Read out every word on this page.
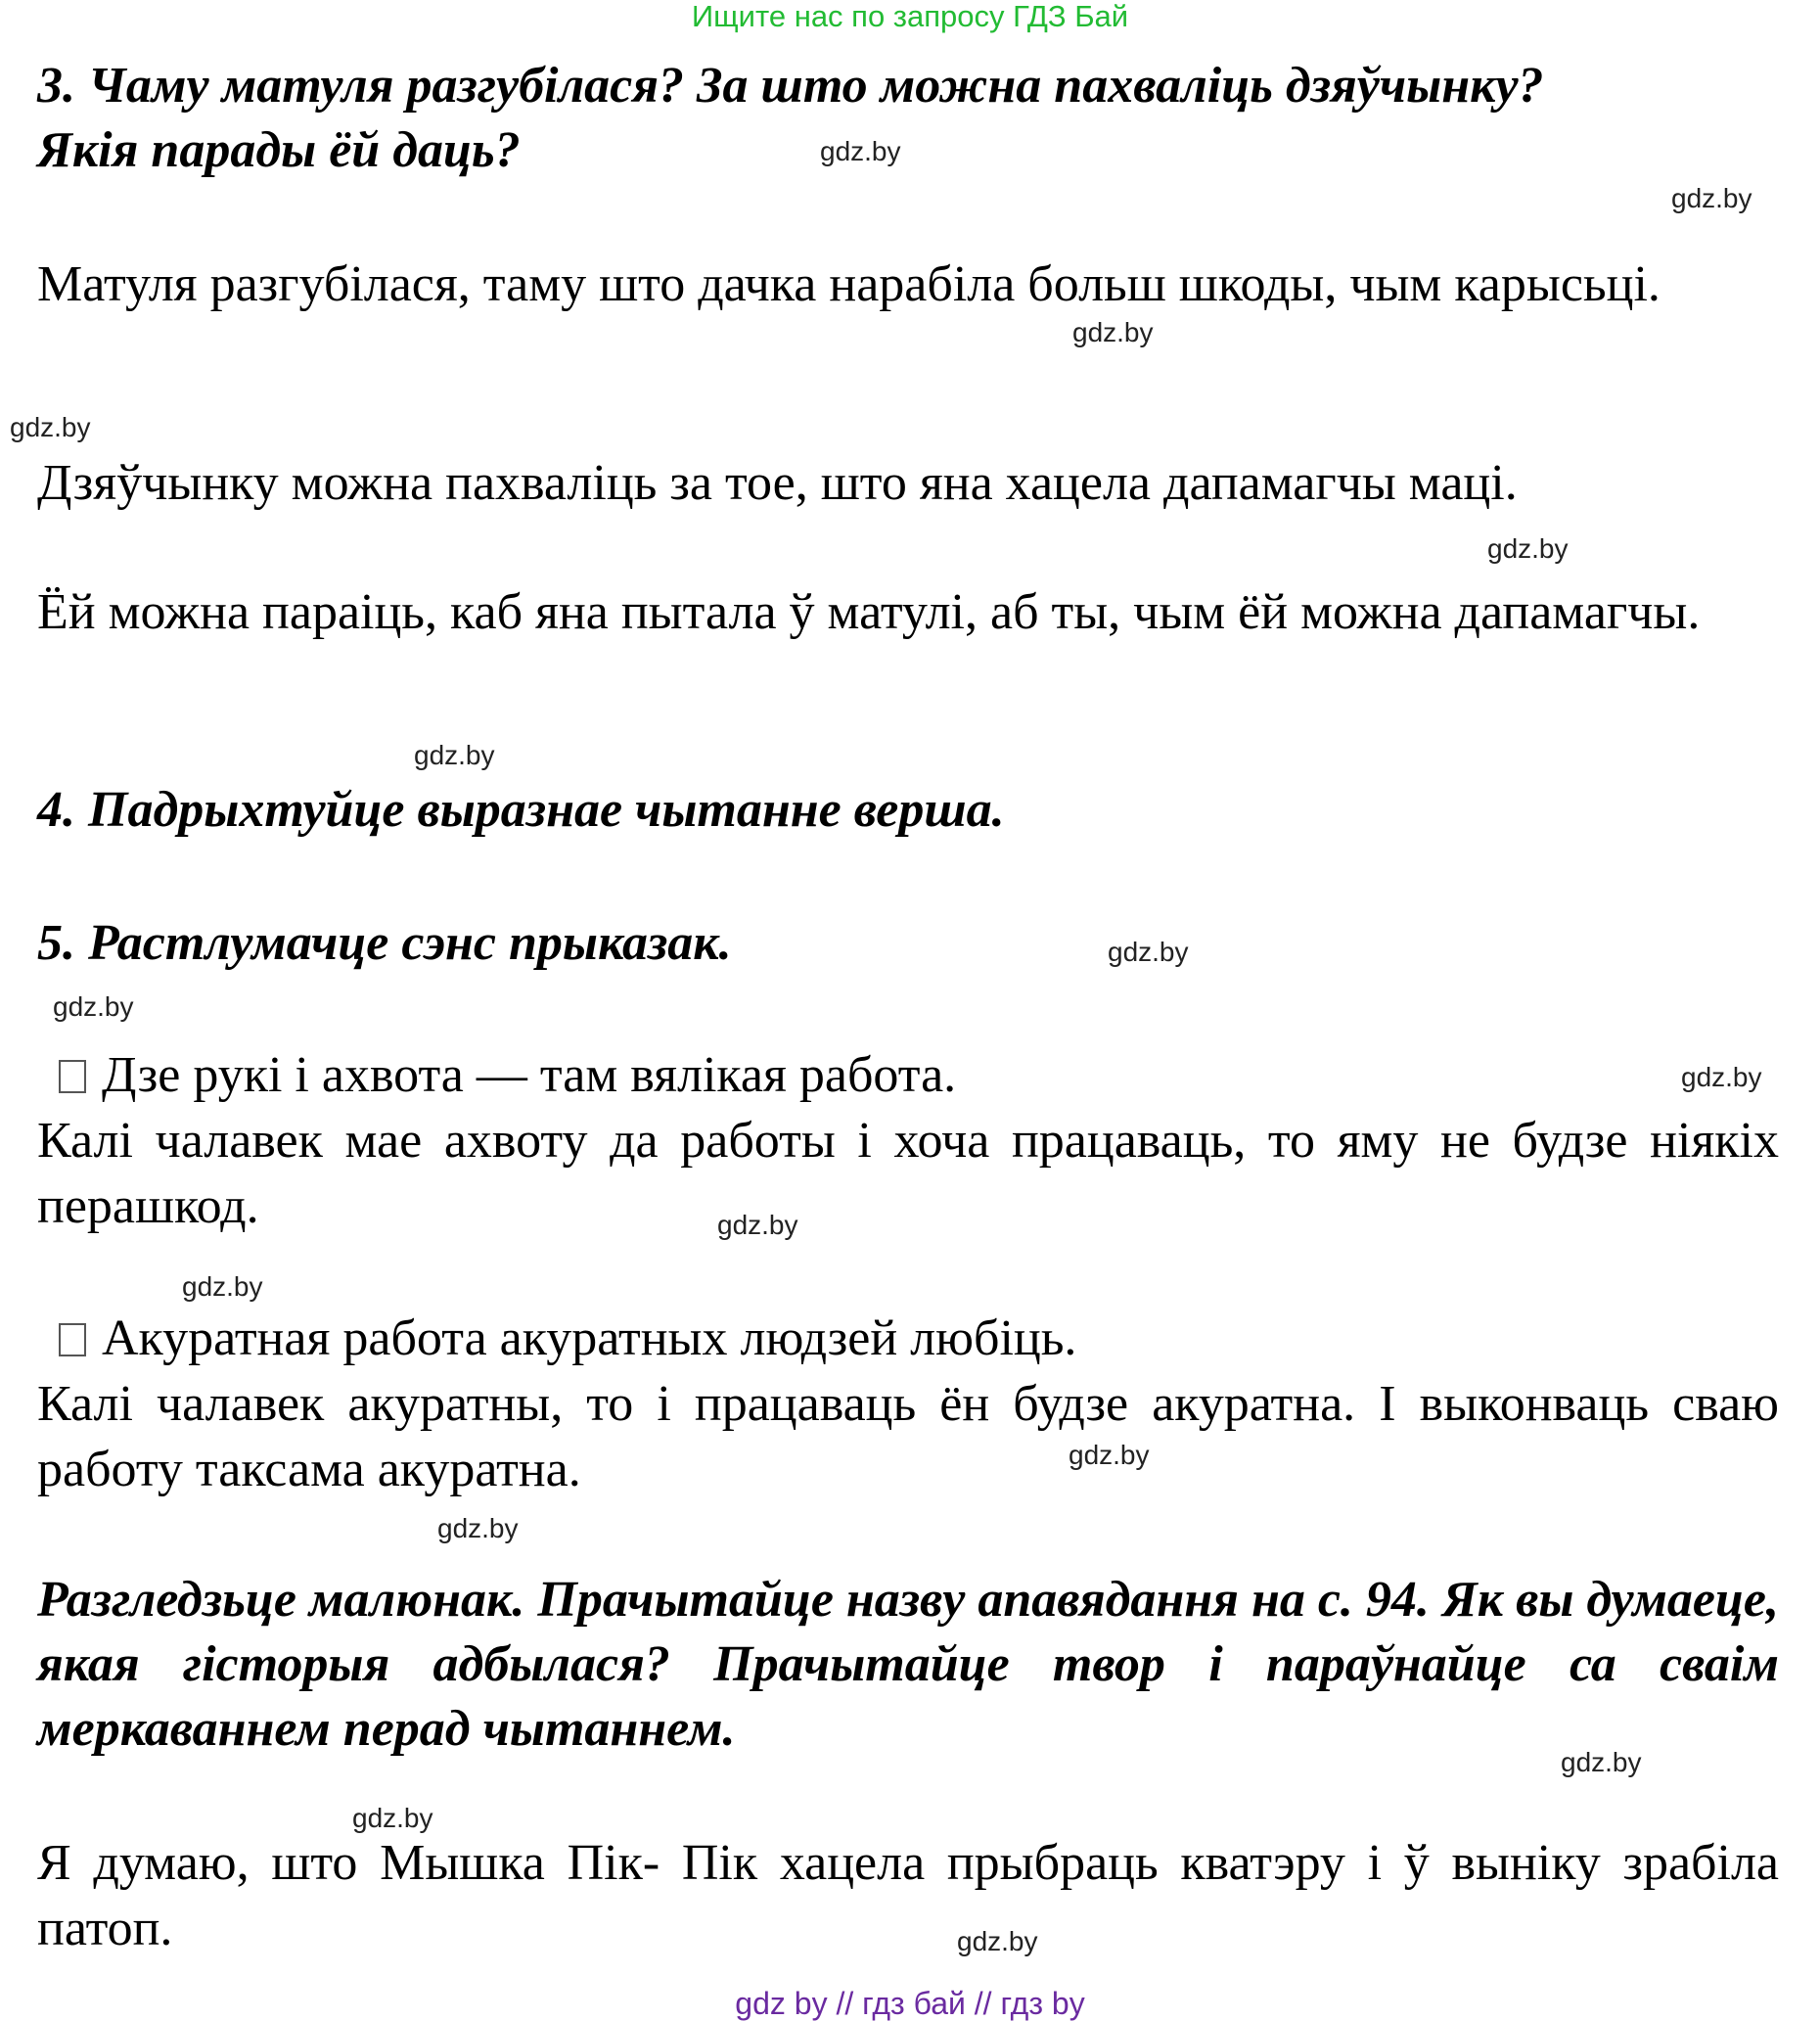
Ищите нас по запросу ГДЗ Бай
3. Чаму матуля разгубілася? За што можна пахваліць дзяўчынку?
Якія парады ёй даць?
Матуля разгубілася, таму што дачка нарабіла больш шкоды, чым карысьці.
Дзяўчынку можна пахваліць за тое, што яна хацела дапамагчы маці.
Ёй можна параіць, каб яна пытала ў матулі, аб ты, чым ёй можна дапамагчы.
4. Падрыхтуйце выразнае чытанне верша.
5. Растлумачце сэнс прыказак.
Дзе рукі і ахвота — там вялікая работа.
Калі чалавек мае ахвоту да работы і хоча працаваць, то яму не будзе ніякіх перашкод.
Акуратная работа акуратных людзей любіць.
Калі чалавек акуратны, то і працаваць ён будзе акуратна. І выконваць сваю работу таксама акуратна.
Разгледзьце малюнак. Прачытайце назву апавядання на с. 94. Як вы думаеце, якая гісторыя адбылася? Прачытайце твор і параўнайце са сваім меркаваннем перад чытаннем.
Я думаю, што Мышка Пік- Пік хацела прыбраць кватэру і ў выніку зрабіла патоп.
gdz.by
gdz.by
gdz.by
gdz.by
gdz.by
gdz.by
gdz.by
gdz.by
gdz.by
gdz.by
gdz.by
gdz.by
gdz.by
gdz.by
gdz.by
gdz.by
gdz by // гдз бай // гдз by
